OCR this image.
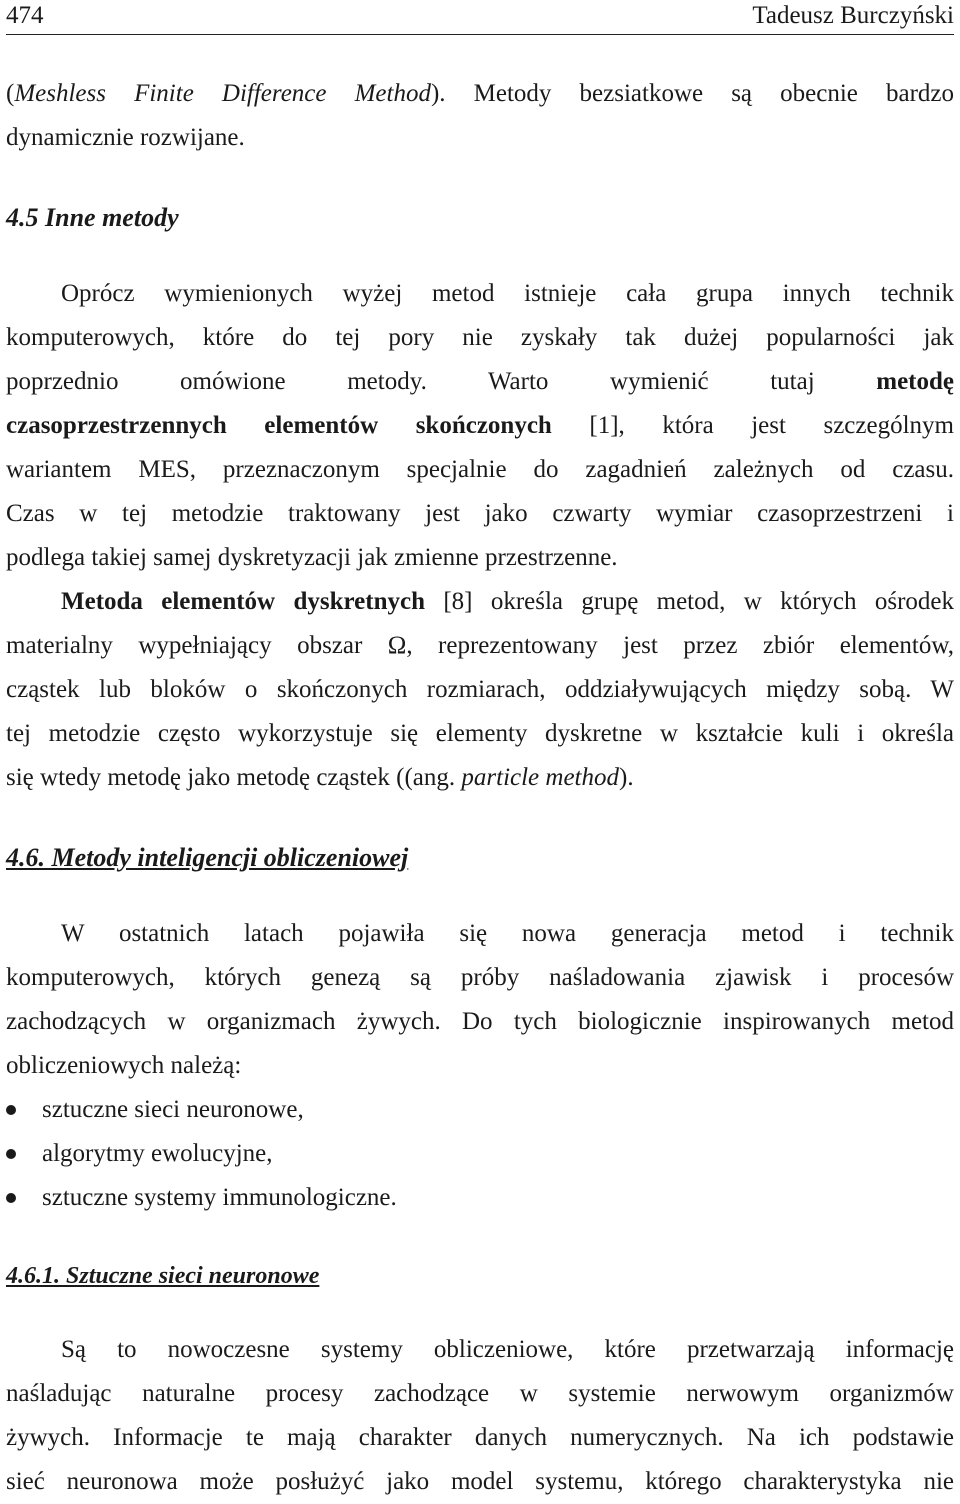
474	Tadeusz Burczyński
(Meshless Finite Difference Method). Metody bezsiatkowe są obecnie bardzo
dynamicznie rozwijane.
4.5 Inne metody
Oprócz wymienionych wyżej metod istnieje cała grupa innych technik
komputerowych, które do tej pory nie zyskały tak dużej popularności jak
poprzednio omówione metody. Warto wymienić tutaj metodę
czasoprzestrzennych elementów skończonych [1], która jest szczególnym
wariantem MES, przeznaczonym specjalnie do zagadnień zależnych od czasu.
Czas w tej metodzie traktowany jest jako czwarty wymiar czasoprzestrzeni i
podlega takiej samej dyskretyzacji jak zmienne przestrzenne.
Metoda elementów dyskretnych [8] określa grupę metod, w których ośrodek
materialny wypełniający obszar Ω, reprezentowany jest przez zbiór elementów,
cząstek lub bloków o skończonych rozmiarach, oddziaływujących między sobą. W
tej metodzie często wykorzystuje się elementy dyskretne w kształcie kuli i określa
się wtedy metodę jako metodę cząstek ((ang. particle method).
4.6. Metody inteligencji obliczeniowej
W ostatnich latach pojawiła się nowa generacja metod i technik
komputerowych, których genezą są próby naśladowania zjawisk i procesów
zachodzących w organizmach żywych. Do tych biologicznie inspirowanych metod
obliczeniowych należą:
sztuczne sieci neuronowe,
algorytmy ewolucyjne,
sztuczne systemy immunologiczne.
4.6.1. Sztuczne sieci neuronowe
Są to nowoczesne systemy obliczeniowe, które przetwarzają informację
naśladując naturalne procesy zachodzące w systemie nerwowym organizmów
żywych. Informacje te mają charakter danych numerycznych. Na ich podstawie
sieć neuronowa może posłużyć jako model systemu, którego charakterystyka nie
